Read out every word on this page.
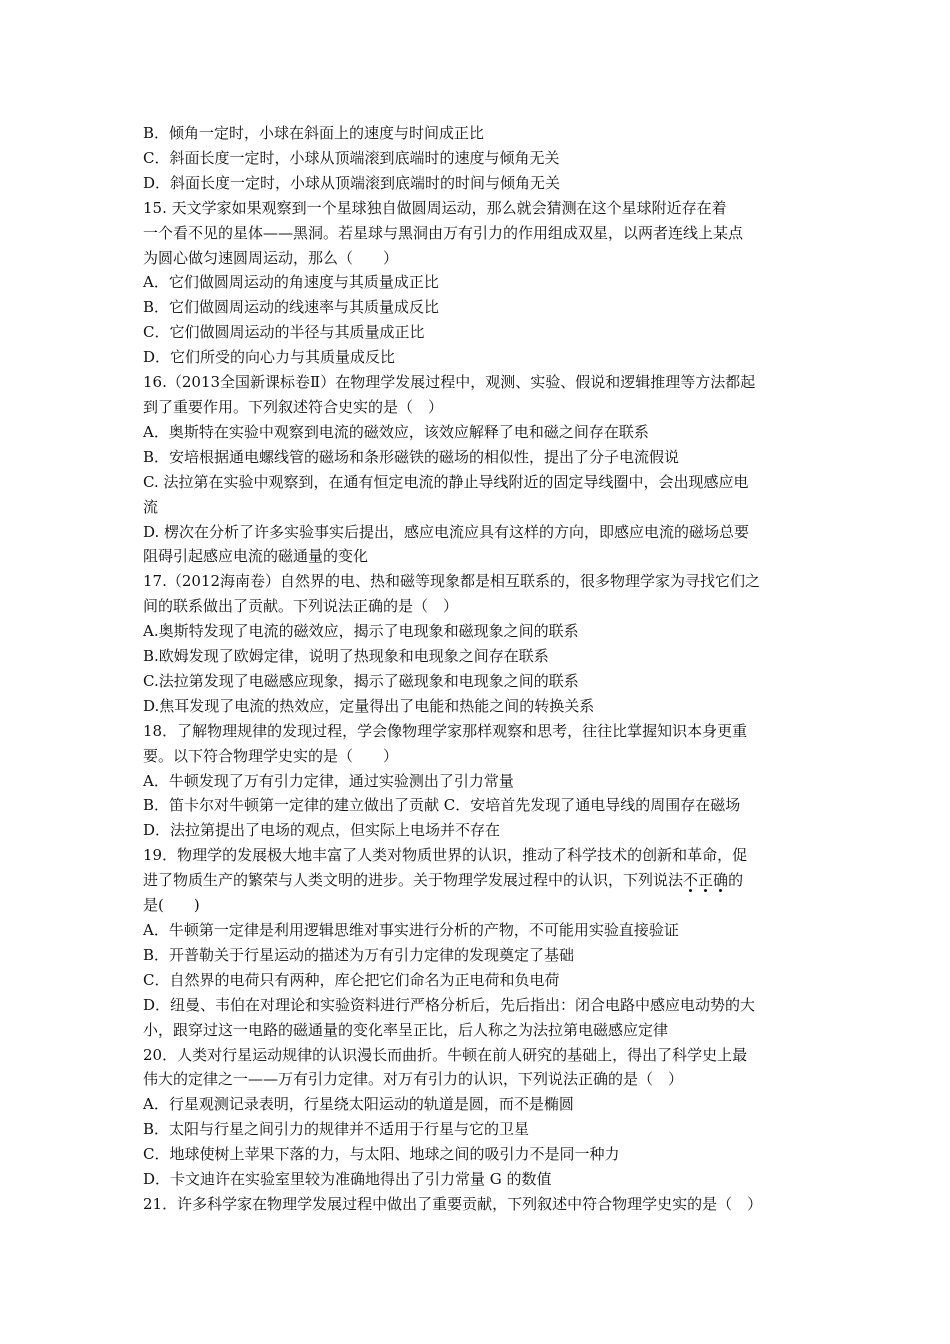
B．倾角一定时，小球在斜面上的速度与时间成正比
C．斜面长度一定时，小球从顶端滚到底端时的速度与倾角无关
D．斜面长度一定时，小球从顶端滚到底端时的时间与倾角无关
15. 天文学家如果观察到一个星球独自做圆周运动，那么就会猜测在这个星球附近存在着
一个看不见的星体——黑洞。若星球与黑洞由万有引力的作用组成双星，以两者连线上某点
为圆心做匀速圆周运动，那么（　　）
A．它们做圆周运动的角速度与其质量成正比
B．它们做圆周运动的线速率与其质量成反比
C．它们做圆周运动的半径与其质量成正比
D．它们所受的向心力与其质量成反比
16.（2013全国新课标卷Ⅱ）在物理学发展过程中，观测、实验、假说和逻辑推理等方法都起
到了重要作用。下列叙述符合史实的是（　）
A．奥斯特在实验中观察到电流的磁效应，该效应解释了电和磁之间存在联系
B．安培根据通电螺线管的磁场和条形磁铁的磁场的相似性，提出了分子电流假说
C. 法拉第在实验中观察到，在通有恒定电流的静止导线附近的固定导线圈中，会出现感应电
流
D. 楞次在分析了许多实验事实后提出，感应电流应具有这样的方向，即感应电流的磁场总要
阻碍引起感应电流的磁通量的变化
17.（2012海南卷）自然界的电、热和磁等现象都是相互联系的，很多物理学家为寻找它们之
间的联系做出了贡献。下列说法正确的是（　）
A.奥斯特发现了电流的磁效应，揭示了电现象和磁现象之间的联系
B.欧姆发现了欧姆定律，说明了热现象和电现象之间存在联系
C.法拉第发现了电磁感应现象，揭示了磁现象和电现象之间的联系
D.焦耳发现了电流的热效应，定量得出了电能和热能之间的转换关系
18．了解物理规律的发现过程，学会像物理学家那样观察和思考，往往比掌握知识本身更重
要。以下符合物理学史实的是（　　）
A．牛顿发现了万有引力定律，通过实验测出了引力常量
B．笛卡尔对牛顿第一定律的建立做出了贡献 C．安培首先发现了通电导线的周围存在磁场
D．法拉第提出了电场的观点，但实际上电场并不存在
19．物理学的发展极大地丰富了人类对物质世界的认识，推动了科学技术的创新和革命，促
进了物质生产的繁荣与人类文明的进步。关于物理学发展过程中的认识，下列说法不正确的
是(　　)
A．牛顿第一定律是利用逻辑思维对事实进行分析的产物，不可能用实验直接验证
B．开普勒关于行星运动的描述为万有引力定律的发现奠定了基础
C．自然界的电荷只有两种，库仑把它们命名为正电荷和负电荷
D．纽曼、韦伯在对理论和实验资料进行严格分析后，先后指出：闭合电路中感应电动势的大
小，跟穿过这一电路的磁通量的变化率呈正比，后人称之为法拉第电磁感应定律
20．人类对行星运动规律的认识漫长而曲折。牛顿在前人研究的基础上，得出了科学史上最
伟大的定律之一——万有引力定律。对万有引力的认识，下列说法正确的是（　）
A．行星观测记录表明，行星绕太阳运动的轨道是圆，而不是椭圆
B．太阳与行星之间引力的规律并不适用于行星与它的卫星
C．地球使树上苹果下落的力，与太阳、地球之间的吸引力不是同一种力
D．卡文迪许在实验室里较为准确地得出了引力常量 G 的数值
21．许多科学家在物理学发展过程中做出了重要贡献，下列叙述中符合物理学史实的是（　）
